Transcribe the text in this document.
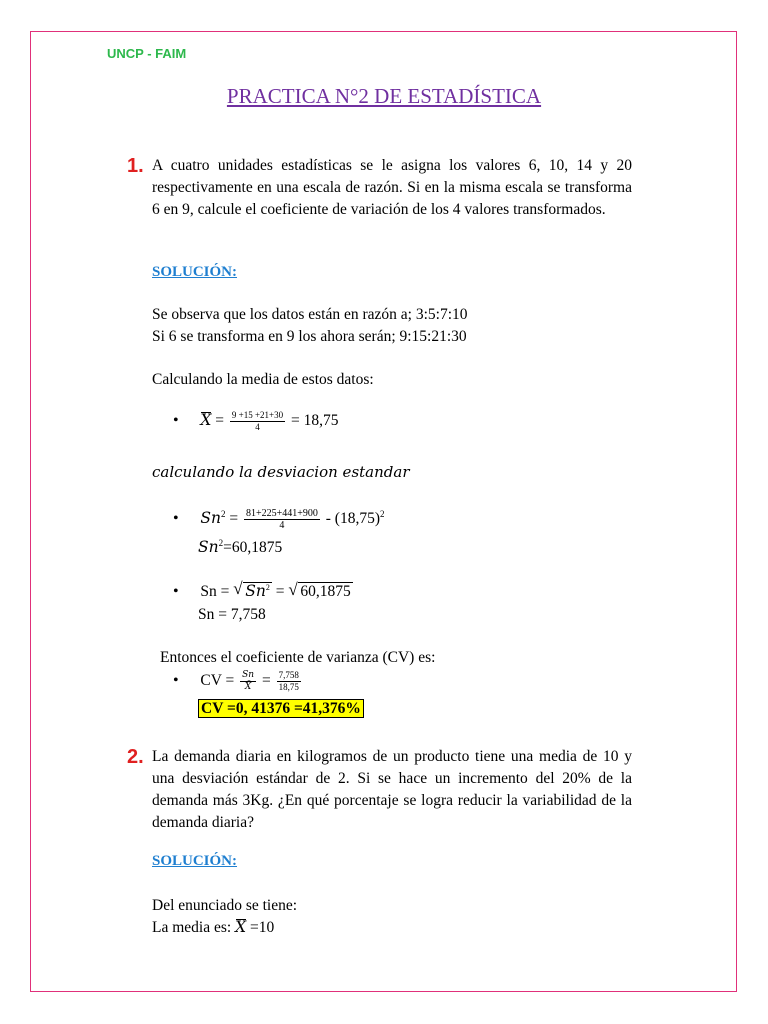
UNCP - FAIM
PRACTICA N°2 DE ESTADÍSTICA
1. A cuatro unidades estadísticas se le asigna los valores 6, 10, 14 y 20 respectivamente en una escala de razón. Si en la misma escala se transforma 6 en 9, calcule el coeficiente de variación de los 4 valores transformados.
SOLUCIÓN:
Se observa que los datos están en razón a; 3:5:7:10
Si 6 se transforma en 9 los ahora serán; 9:15:21:30
Calculando la media de estos datos:
• $X = \frac{9 +15 +21+30}{4} = 18,75$
calculando la desviacion estandar
• $Sn^2 = \frac{81+225+441+900}{4} - (18,75)^2$
$Sn^2=60,1875$
• Sn = √ $Sn^2$ = √ 60,1875
Sn = 7,758
Entonces el coeficiente de varianza (CV) es:
• CV = $\frac{Sn}{X̄} = \frac{7,758}{18,75}$
CV =0, 41376 =41,376%
2. La demanda diaria en kilogramos de un producto tiene una media de 10 y una desviación estándar de 2. Si se hace un incremento del 20% de la demanda más 3Kg. ¿En qué porcentaje se logra reducir la variabilidad de la demanda diaria?
SOLUCIÓN:
Del enunciado se tiene:
La media es: X =10
